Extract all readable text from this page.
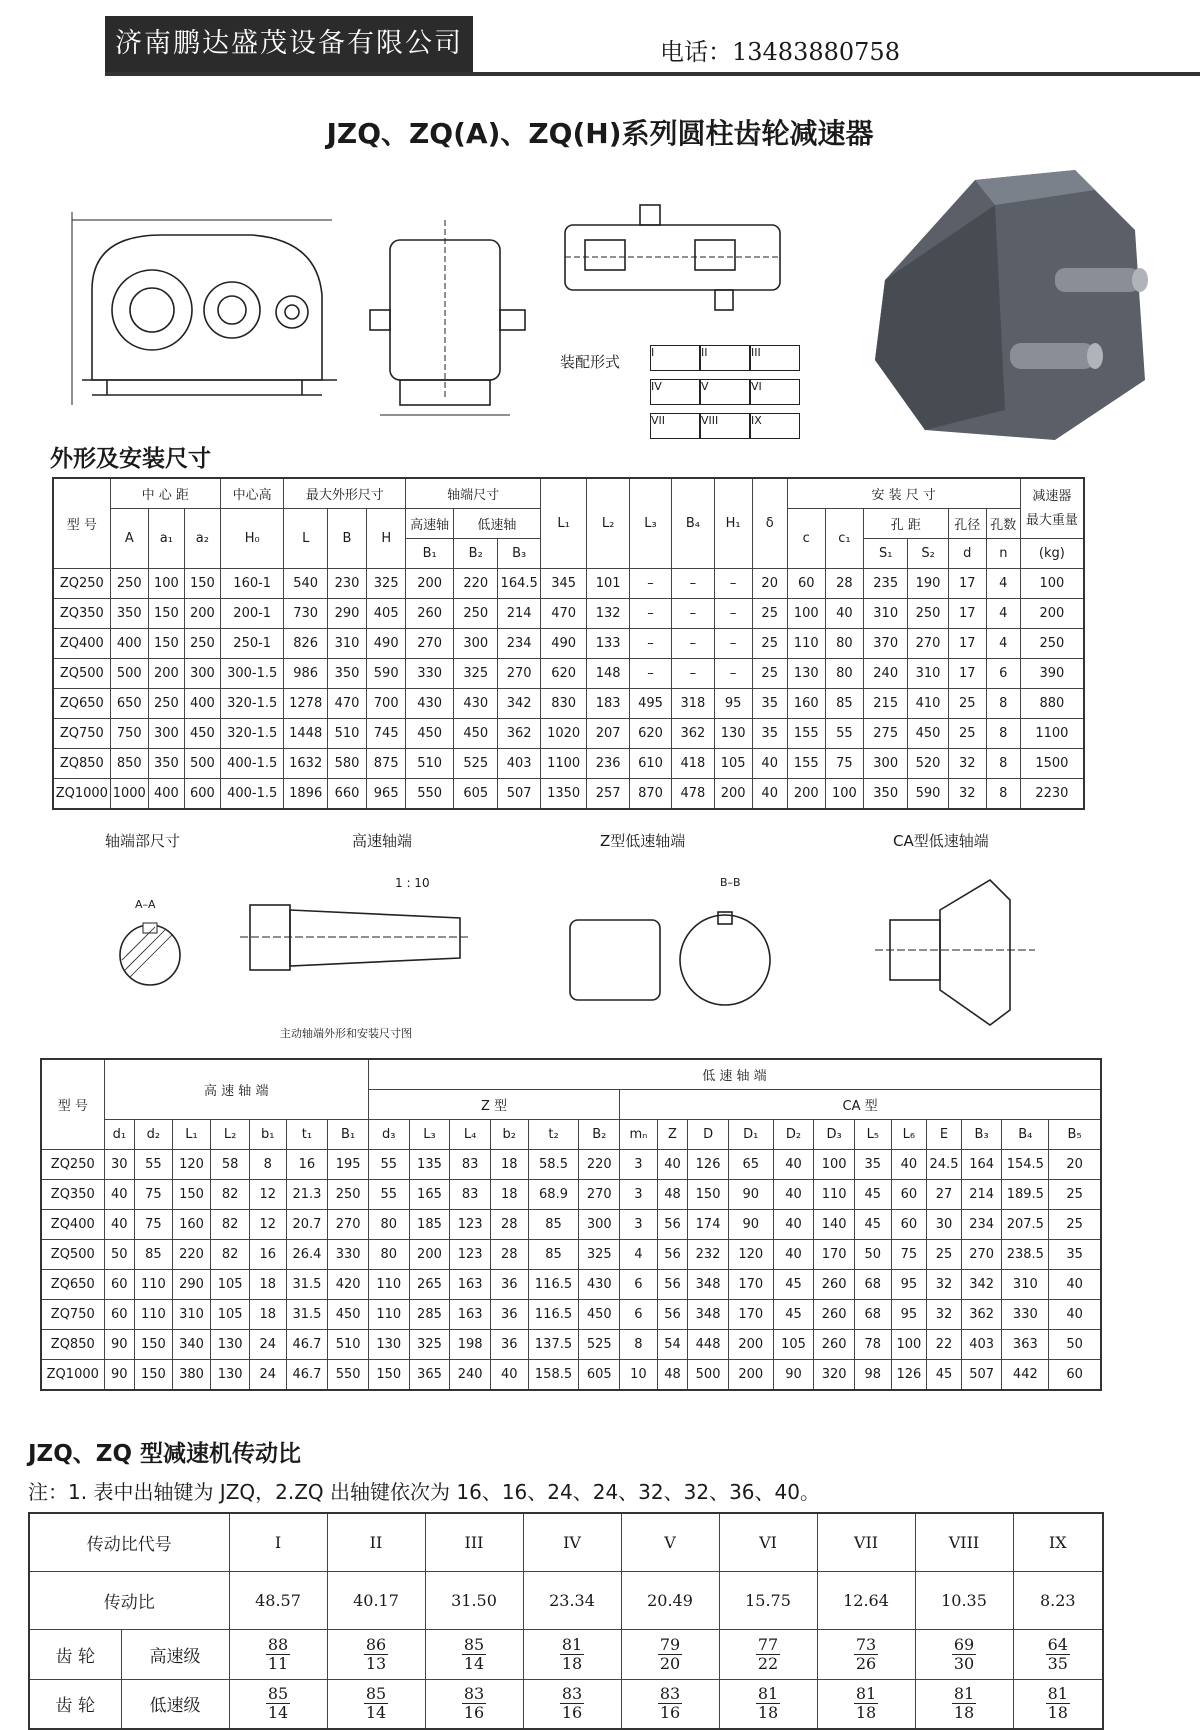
济南鹏达盛茂设备有限公司	电话：13483880758
JZQ、ZQ(A)、ZQ(H)系列圆柱齿轮减速器
装配形式
I	II	III
IV	V	VI
VII	VIII	IX
外形及安装尺寸
型 号	中 心 距			中心高	最大外形尺寸			轴端尺寸			L₁	L₂	L₃	B₄	H₁	δ	安 装 尺 寸						减速器
最大重量

	A	a₁	a₂	H₀	L	B	H	高速轴	低速轴								c	c₁	孔 距		孔径	孔数	
								B₁	B₂	B₃									S₁	S₂	d	n	(kg)
ZQ250	250	100	150	160-1	540	230	325	200	220	164.5	345	101	–	–	–	20	60	28	235	190	17	4	100
ZQ350	350	150	200	200-1	730	290	405	260	250	214	470	132	–	–	–	25	100	40	310	250	17	4	200
ZQ400	400	150	250	250-1	826	310	490	270	300	234	490	133	–	–	–	25	110	80	370	270	17	4	250
ZQ500	500	200	300	300-1.5	986	350	590	330	325	270	620	148	–	–	–	25	130	80	240	310	17	6	390
ZQ650	650	250	400	320-1.5	1278	470	700	430	430	342	830	183	495	318	95	35	160	85	215	410	25	8	880
ZQ750	750	300	450	320-1.5	1448	510	745	450	450	362	1020	207	620	362	130	35	155	55	275	450	25	8	1100
ZQ850	850	350	500	400-1.5	1632	580	875	510	525	403	1100	236	610	418	105	40	155	75	300	520	32	8	1500
ZQ1000	1000	400	600	400-1.5	1896	660	965	550	605	507	1350	257	870	478	200	40	200	100	350	590	32	8	2230
轴端部尺寸	高速轴端	Z型低速轴端	CA型低速轴端
A–A
B–B
1 : 10
主动轴端外形和安装尺寸图
型 号	高 速 轴 端							低 速 轴 端																	
								Z 型						CA 型											
	d₁	d₂	L₁	L₂	b₁	t₁	B₁	d₃	L₃	L₄	b₂	t₂	B₂	mₙ	Z	D	D₁	D₂	D₃	L₅	L₆	E	B₃	B₄	B₅
ZQ250	30	55	120	58	8	16	195	55	135	83	18	58.5	220	3	40	126	65	40	100	35	40	24.5	164	154.5	20
ZQ350	40	75	150	82	12	21.3	250	55	165	83	18	68.9	270	3	48	150	90	40	110	45	60	27	214	189.5	25
ZQ400	40	75	160	82	12	20.7	270	80	185	123	28	85	300	3	56	174	90	40	140	45	60	30	234	207.5	25
ZQ500	50	85	220	82	16	26.4	330	80	200	123	28	85	325	4	56	232	120	40	170	50	75	25	270	238.5	35
ZQ650	60	110	290	105	18	31.5	420	110	265	163	36	116.5	430	6	56	348	170	45	260	68	95	32	342	310	40
ZQ750	60	110	310	105	18	31.5	450	110	285	163	36	116.5	450	6	56	348	170	45	260	68	95	32	362	330	40
ZQ850	90	150	340	130	24	46.7	510	130	325	198	36	137.5	525	8	54	448	200	105	260	78	100	22	403	363	50
ZQ1000	90	150	380	130	24	46.7	550	150	365	240	40	158.5	605	10	48	500	200	90	320	98	126	45	507	442	60
JZQ、ZQ 型减速机传动比
注：1. 表中出轴键为 JZQ，2.ZQ 出轴键依次为 16、16、24、24、32、32、36、40。
传动比代号		I	II	III	IV	V	VI	VII	VIII	IX
传动比		48.57	40.17	31.50	23.34	20.49	15.75	12.64	10.35	8.23
齿 轮	高速级	$\frac{88}{11}$	$\frac{86}{13}$	$\frac{85}{14}$	$\frac{81}{18}$	$\frac{79}{20}$	$\frac{77}{22}$	$\frac{73}{26}$	$\frac{69}{30}$	$\frac{64}{35}$

齿 轮	低速级	$\frac{85}{14}$	$\frac{85}{14}$	$\frac{83}{16}$	$\frac{83}{16}$	$\frac{83}{16}$	$\frac{81}{18}$	$\frac{81}{18}$	$\frac{81}{18}$	$\frac{81}{18}$
